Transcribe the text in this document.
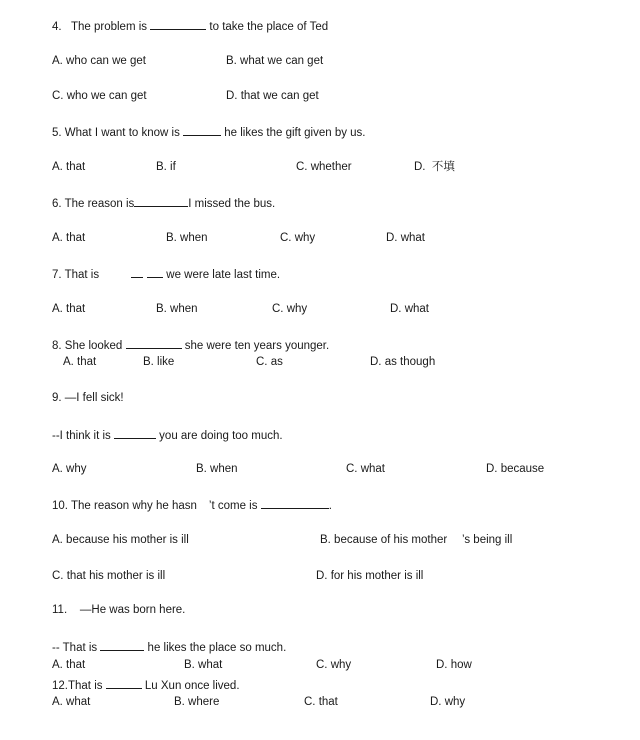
4.   The problem is	to take the place of Ted
A. who can we get	B. what we can get
C. who we can get	D. that we can get
5. What I want to know is	he likes the gift given by us.
A. that	B. if	C. whether	D.  不填
6. The reason is	I missed the bus.
A. that	B. when	C. why	D. what
7. That is	we were late last time.
A. that	B. when	C. why	D. what
8. She looked	she were ten years younger.
A. that	B. like	C. as	D. as though
9. —I fell sick!
--I think it is	you are doing too much.
A. why	B. when	C. what	D. because
10. The reason why he hasn ’t come is	.
A. because his mother is ill	B. because of his mother ’s being ill
C. that his mother is ill	D. for his mother is ill
11.    —He was born here.
-- That is	he likes the place so much.
A. that	B. what	C. why	D. how
12.That is	Lu Xun once lived.
A. what	B. where	C. that	D. why
